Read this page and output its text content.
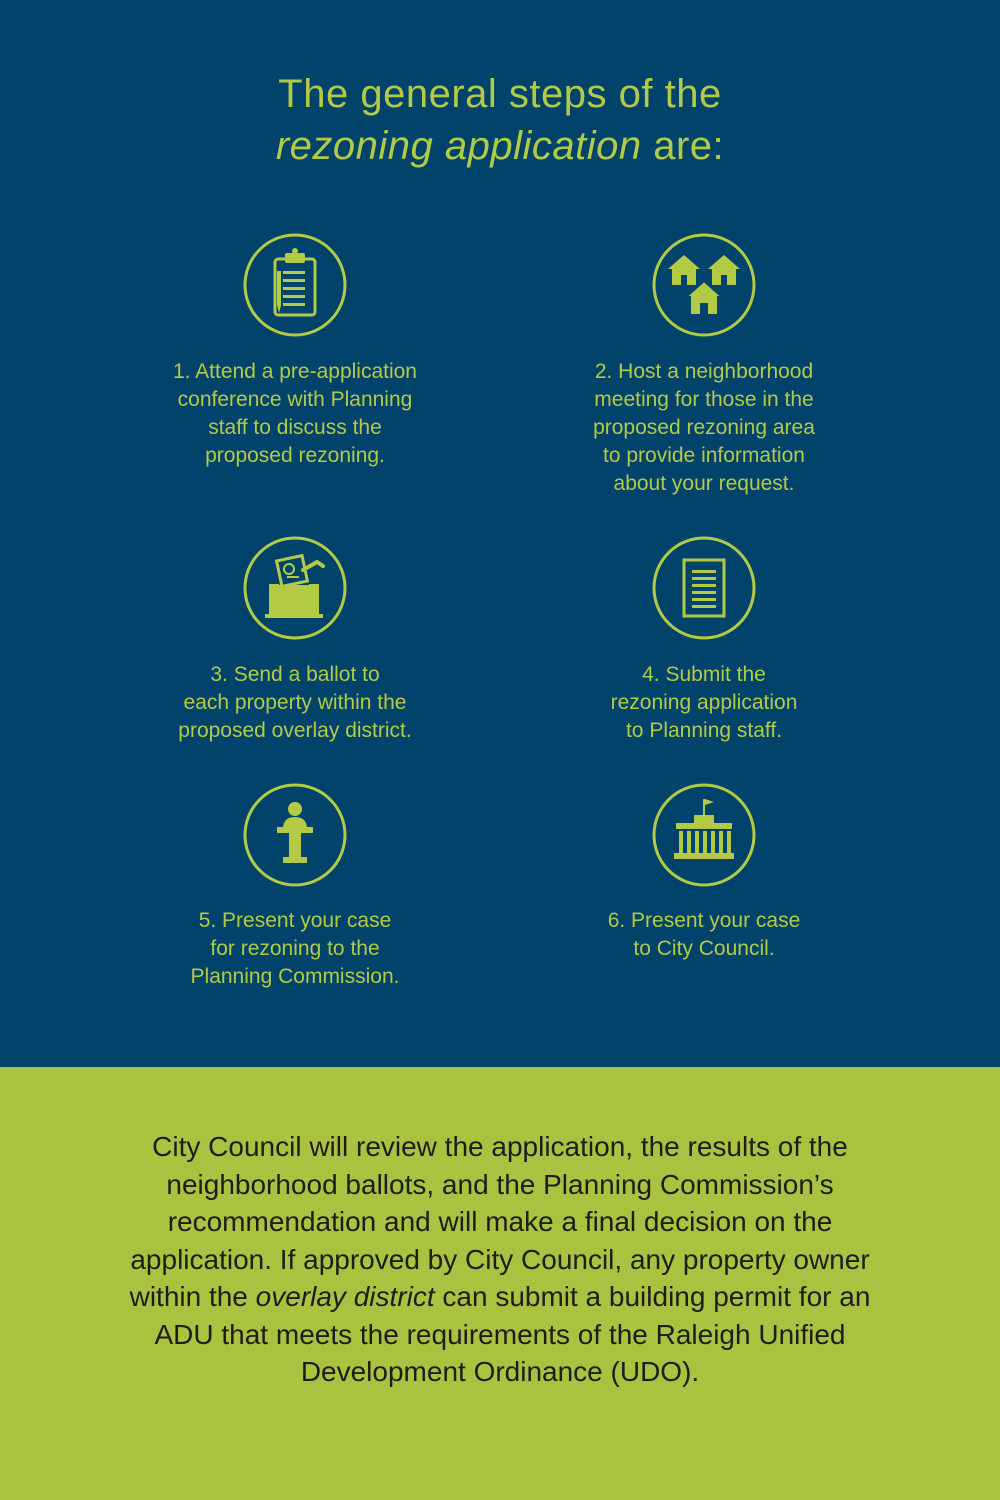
The general steps of the
rezoning application are:

1. Attend a pre-application
conference with Planning
staff to discuss the
proposed rezoning.

2. Host a neighborhood
meeting for those in the
proposed rezoning area
to provide information
about your request.

3. Send a ballot to
each property within the
proposed overlay district.

4. Submit the
rezoning application
to Planning staff.

5. Present your case
for rezoning to the
Planning Commission.

6. Present your case
to City Council.

City Council will review the application, the results of the neighborhood ballots, and the Planning Commission’s recommendation and will make a final decision on the application. If approved by City Council, any property owner within the overlay district can submit a building permit for an ADU that meets the requirements of the Raleigh Unified Development Ordinance (UDO).
